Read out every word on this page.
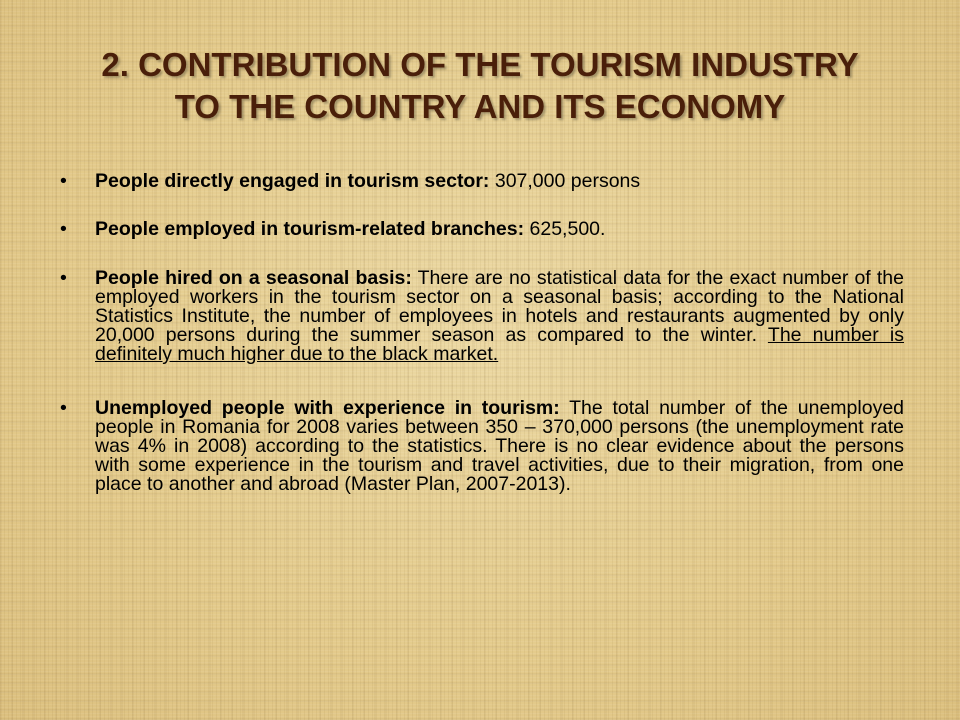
2. CONTRIBUTION OF THE TOURISM INDUSTRY
TO THE COUNTRY AND ITS ECONOMY
•	People directly engaged in tourism sector: 307,000 persons
•	People employed in tourism-related branches: 625,500.
•	People hired on a seasonal basis: There are no statistical data for the exact number of the employed workers in the tourism sector on a seasonal basis; according to the National Statistics Institute, the number of employees in hotels and restaurants augmented by only 20,000 persons during the summer season as compared to the winter. The number is definitely much higher due to the black market.
•	Unemployed people with experience in tourism: The total number of the unemployed people in Romania for 2008 varies between 350 – 370,000 persons (the unemployment rate was 4% in 2008) according to the statistics. There is no clear evidence about the persons with some experience in the tourism and travel activities, due to their migration, from one place to another and abroad (Master Plan, 2007-2013).
